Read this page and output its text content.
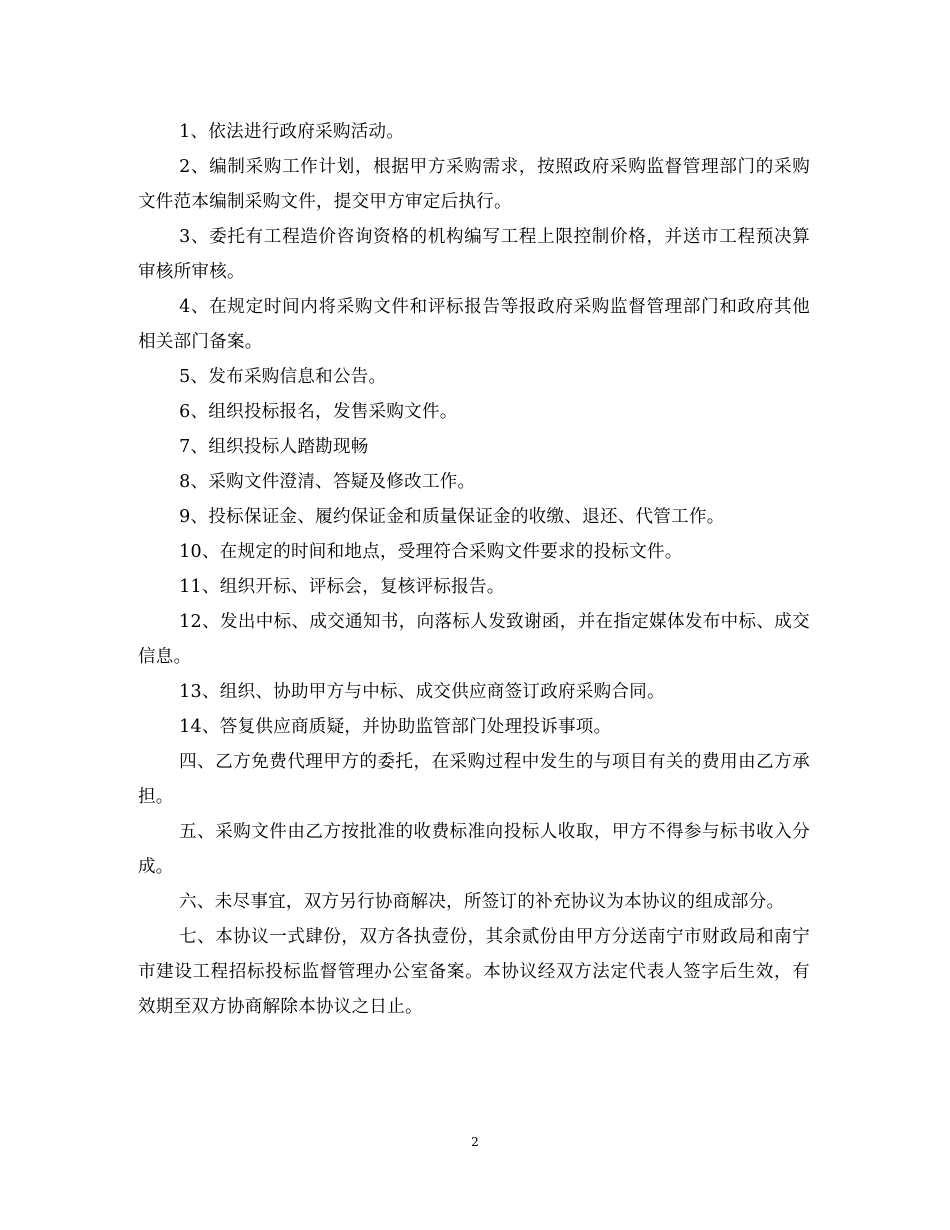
1、依法进行政府采购活动。

2、编制采购工作计划，根据甲方采购需求，按照政府采购监督管理部门的采购文件范本编制采购文件，提交甲方审定后执行。

3、委托有工程造价咨询资格的机构编写工程上限控制价格，并送市工程预决算审核所审核。

4、在规定时间内将采购文件和评标报告等报政府采购监督管理部门和政府其他相关部门备案。

5、发布采购信息和公告。

6、组织投标报名，发售采购文件。

7、组织投标人踏勘现畅

8、采购文件澄清、答疑及修改工作。

9、投标保证金、履约保证金和质量保证金的收缴、退还、代管工作。

10、在规定的时间和地点，受理符合采购文件要求的投标文件。

11、组织开标、评标会，复核评标报告。

12、发出中标、成交通知书，向落标人发致谢函，并在指定媒体发布中标、成交信息。

13、组织、协助甲方与中标、成交供应商签订政府采购合同。

14、答复供应商质疑，并协助监管部门处理投诉事项。

四、乙方免费代理甲方的委托，在采购过程中发生的与项目有关的费用由乙方承担。

五、采购文件由乙方按批准的收费标准向投标人收取，甲方不得参与标书收入分成。

六、未尽事宜，双方另行协商解决，所签订的补充协议为本协议的组成部分。

七、本协议一式肆份，双方各执壹份，其余贰份由甲方分送南宁市财政局和南宁市建设工程招标投标监督管理办公室备案。本协议经双方法定代表人签字后生效，有效期至双方协商解除本协议之日止。

2
